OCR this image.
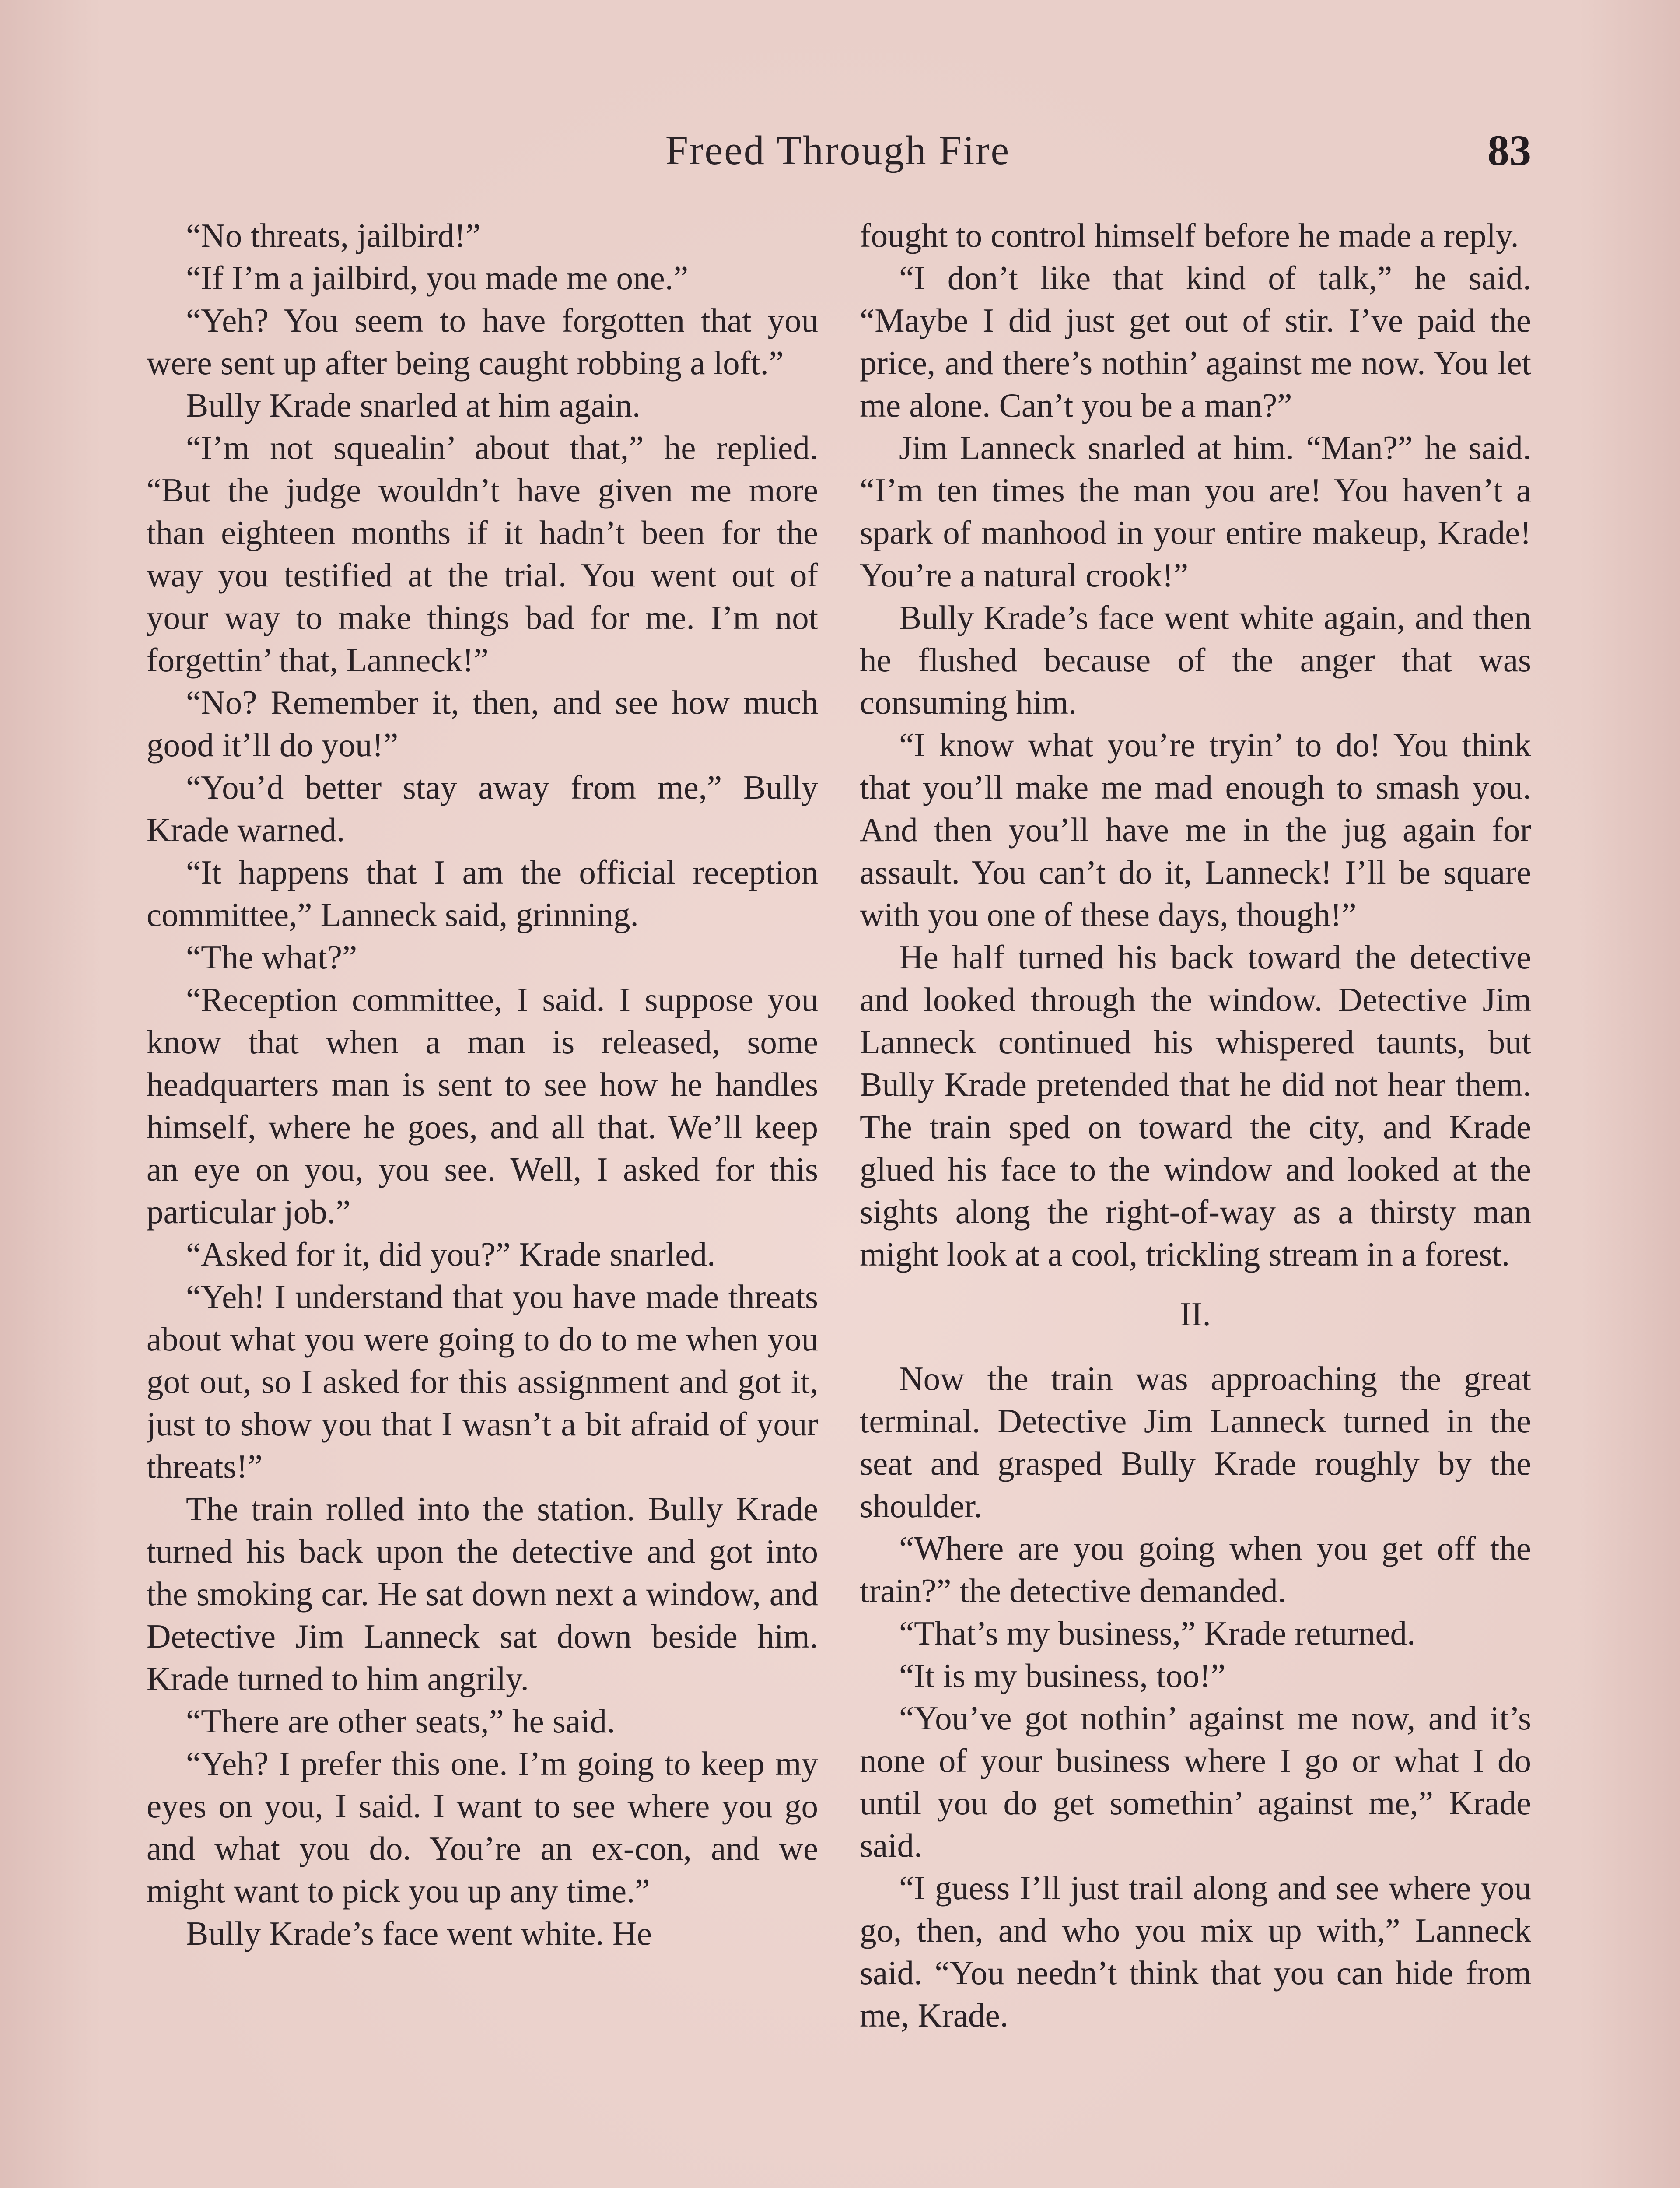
Freed Through Fire	83

“No threats, jailbird!”

“If I’m a jailbird, you made me one.”

“Yeh? You seem to have forgotten that you were sent up after being caught robbing a loft.”

Bully Krade snarled at him again.

“I’m not squealin’ about that,” he replied. “But the judge wouldn’t have given me more than eighteen months if it hadn’t been for the way you testified at the trial. You went out of your way to make things bad for me. I’m not forgettin’ that, Lanneck!”

“No? Remember it, then, and see how much good it’ll do you!”

“You’d better stay away from me,” Bully Krade warned.

“It happens that I am the official reception committee,” Lanneck said, grinning.

“The what?”

“Reception committee, I said. I suppose you know that when a man is released, some headquarters man is sent to see how he handles himself, where he goes, and all that. We’ll keep an eye on you, you see. Well, I asked for this particular job.”

“Asked for it, did you?” Krade snarled.

“Yeh! I understand that you have made threats about what you were going to do to me when you got out, so I asked for this assignment and got it, just to show you that I wasn’t a bit afraid of your threats!”

The train rolled into the station. Bully Krade turned his back upon the detective and got into the smoking car. He sat down next a window, and Detective Jim Lanneck sat down beside him. Krade turned to him angrily.

“There are other seats,” he said.

“Yeh? I prefer this one. I’m going to keep my eyes on you, I said. I want to see where you go and what you do. You’re an ex-con, and we might want to pick you up any time.”

Bully Krade’s face went white. He

fought to control himself before he made a reply.

“I don’t like that kind of talk,” he said. “Maybe I did just get out of stir. I’ve paid the price, and there’s nothin’ against me now. You let me alone. Can’t you be a man?”

Jim Lanneck snarled at him. “Man?” he said. “I’m ten times the man you are! You haven’t a spark of manhood in your entire makeup, Krade! You’re a natural crook!”

Bully Krade’s face went white again, and then he flushed because of the anger that was consuming him.

“I know what you’re tryin’ to do! You think that you’ll make me mad enough to smash you. And then you’ll have me in the jug again for assault. You can’t do it, Lanneck! I’ll be square with you one of these days, though!”

He half turned his back toward the detective and looked through the window. Detective Jim Lanneck continued his whispered taunts, but Bully Krade pretended that he did not hear them. The train sped on toward the city, and Krade glued his face to the window and looked at the sights along the right-of-way as a thirsty man might look at a cool, trickling stream in a forest.

II.

Now the train was approaching the great terminal. Detective Jim Lanneck turned in the seat and grasped Bully Krade roughly by the shoulder.

“Where are you going when you get off the train?” the detective demanded.

“That’s my business,” Krade returned.

“It is my business, too!”

“You’ve got nothin’ against me now, and it’s none of your business where I go or what I do until you do get somethin’ against me,” Krade said.

“I guess I’ll just trail along and see where you go, then, and who you mix up with,” Lanneck said. “You needn’t think that you can hide from me, Krade.
